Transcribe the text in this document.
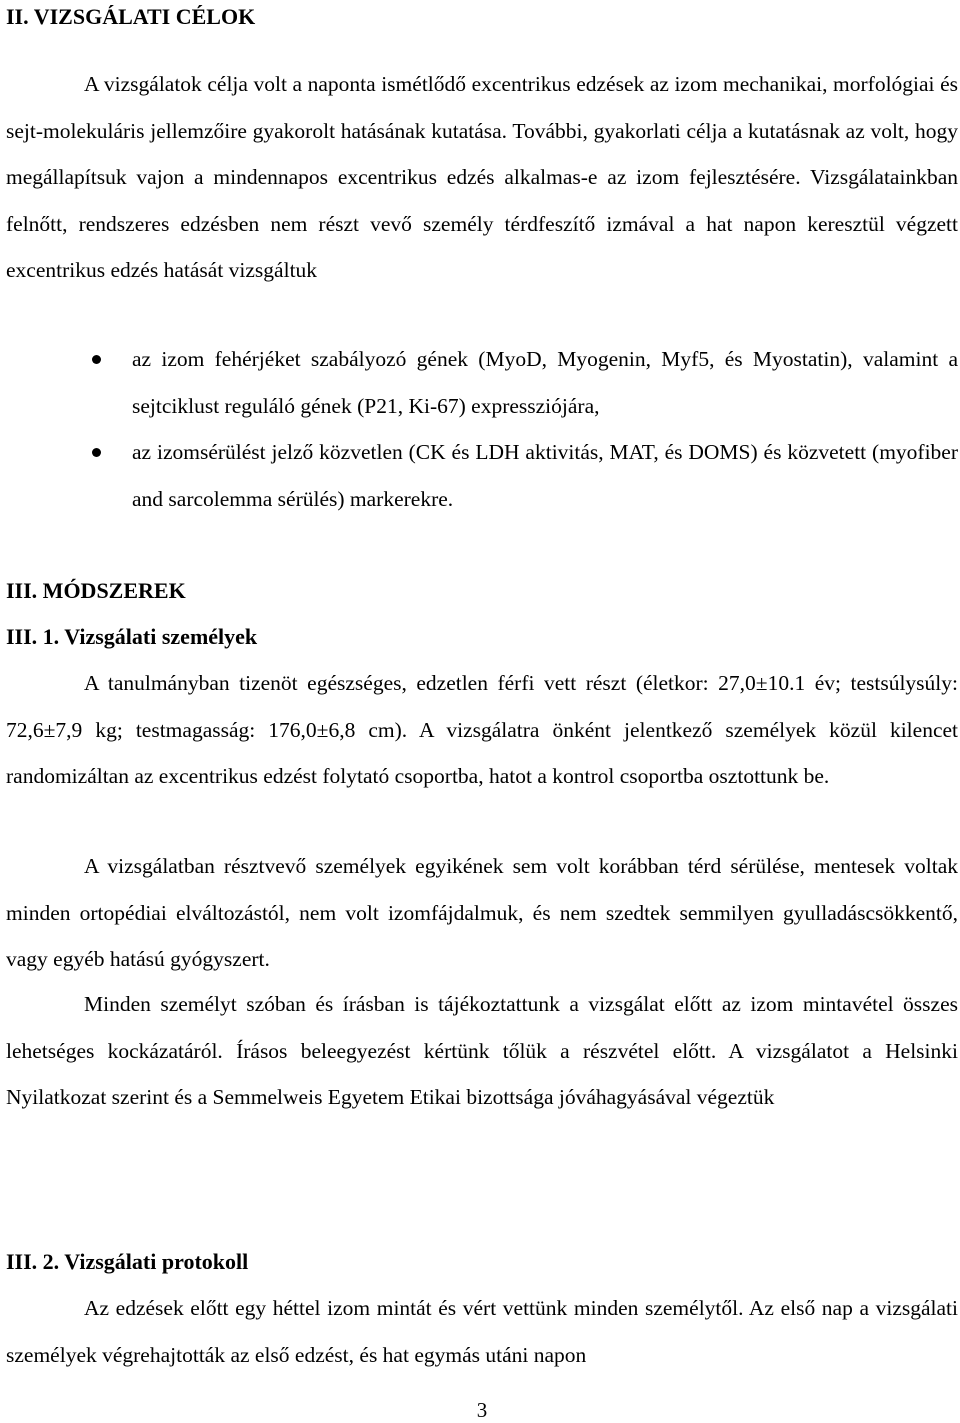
II. VIZSGÁLATI CÉLOK

A vizsgálatok célja volt a naponta ismétlődő excentrikus edzések az izom mechanikai, morfológiai és sejt-molekuláris jellemzőire gyakorolt hatásának kutatása. További, gyakorlati célja a kutatásnak az volt, hogy megállapítsuk vajon a mindennapos excentrikus edzés alkalmas-e az izom fejlesztésére. Vizsgálatainkban felnőtt, rendszeres edzésben nem részt vevő személy térdfeszítő izmával a hat napon keresztül végzett excentrikus edzés hatását vizsgáltuk

az izom fehérjéket szabályozó gének (MyoD, Myogenin, Myf5, és Myostatin), valamint a sejtciklust reguláló gének (P21, Ki-67) expressziójára,
az izomsérülést jelző közvetlen (CK és LDH aktivitás, MAT, és DOMS) és közvetett (myofiber and sarcolemma sérülés) markerekre.
III. MÓDSZEREK
III. 1. Vizsgálati személyek

A tanulmányban tizenöt egészséges, edzetlen férfi vett részt (életkor: 27,0±10.1 év; testsúlysúly: 72,6±7,9 kg; testmagasság: 176,0±6,8 cm). A vizsgálatra önként jelentkező személyek közül kilencet randomizáltan az excentrikus edzést folytató csoportba, hatot a kontrol csoportba osztottunk be.

A vizsgálatban résztvevő személyek egyikének sem volt korábban térd sérülése, mentesek voltak minden ortopédiai elváltozástól, nem volt izomfájdalmuk, és nem szedtek semmilyen gyulladáscsökkentő, vagy egyéb hatású gyógyszert.

Minden személyt szóban és írásban is tájékoztattunk a vizsgálat előtt az izom mintavétel összes lehetséges kockázatáról. Írásos beleegyezést kértünk tőlük a részvétel előtt. A vizsgálatot a Helsinki Nyilatkozat szerint és a Semmelweis Egyetem Etikai bizottsága jóváhagyásával végeztük

III. 2. Vizsgálati protokoll

Az edzések előtt egy héttel izom mintát és vért vettünk minden személytől. Az első nap a vizsgálati személyek végrehajtották az első edzést, és hat egymás utáni napon

3
